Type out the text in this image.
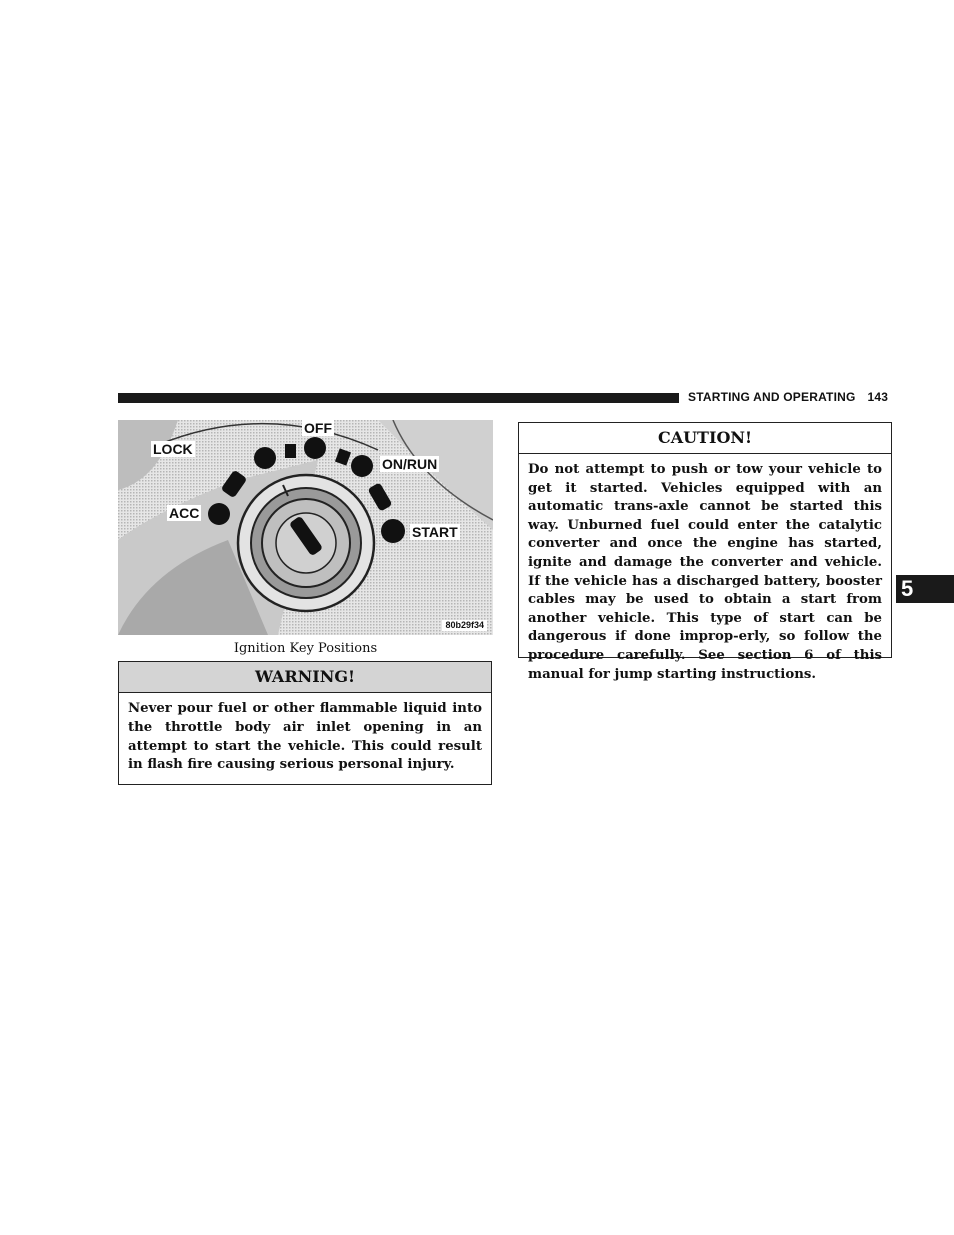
STARTING AND OPERATING 143
LOCK
OFF
ON/RUN
ACC
START
80b29f34
Ignition Key Positions
WARNING!
Never pour fuel or other flammable liquid into the throttle body air inlet opening in an attempt to start the vehicle. This could result in flash fire causing serious personal injury.
CAUTION!
Do not attempt to push or tow your vehicle to get it started. Vehicles equipped with an automatic trans-axle cannot be started this way. Unburned fuel could enter the catalytic converter and once the engine has started, ignite and damage the converter and vehicle. If the vehicle has a discharged battery, booster cables may be used to obtain a start from another vehicle. This type of start can be dangerous if done improp-erly, so follow the procedure carefully. See section 6 of this manual for jump starting instructions.
5
